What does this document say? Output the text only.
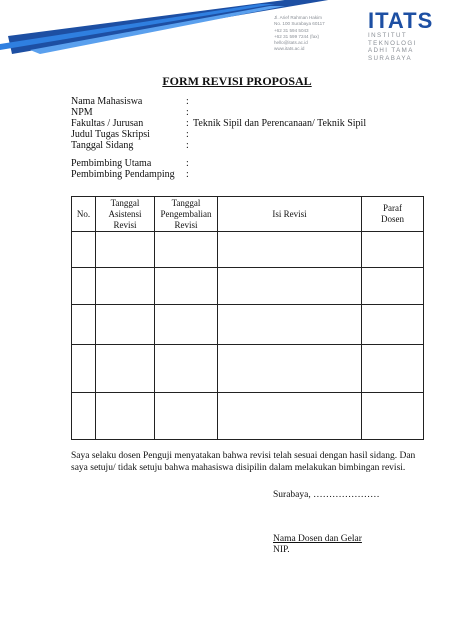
Jl. Arief Rahman Hakim
No. 100 Surabaya 60117
+62 31 594 5043
+62 31 599 7244 (fax)
hello@itats.ac.id
www.itats.ac.id
ITATS
INSTITUT
TEKNOLOGI
ADHI TAMA
SURABAYA
FORM REVISI PROPOSAL
Nama Mahasiswa	:
NPM	:
Fakultas / Jurusan	: Teknik Sipil dan Perencanaan/ Teknik Sipil
Judul Tugas Skripsi	:
Tanggal Sidang	:
Pembimbing Utama	:
Pembimbing Pendamping :
No.	Tanggal
Asistensi
Revisi	Tanggal
Pengembalian
Revisi	Isi Revisi	Paraf
Dosen

Saya selaku dosen Penguji menyatakan bahwa revisi telah sesuai dengan hasil sidang. Dan saya setuju/ tidak setuju bahwa mahasiswa disipilin dalam melakukan bimbingan revisi.
Surabaya, …………………
Nama Dosen dan Gelar
NIP.
